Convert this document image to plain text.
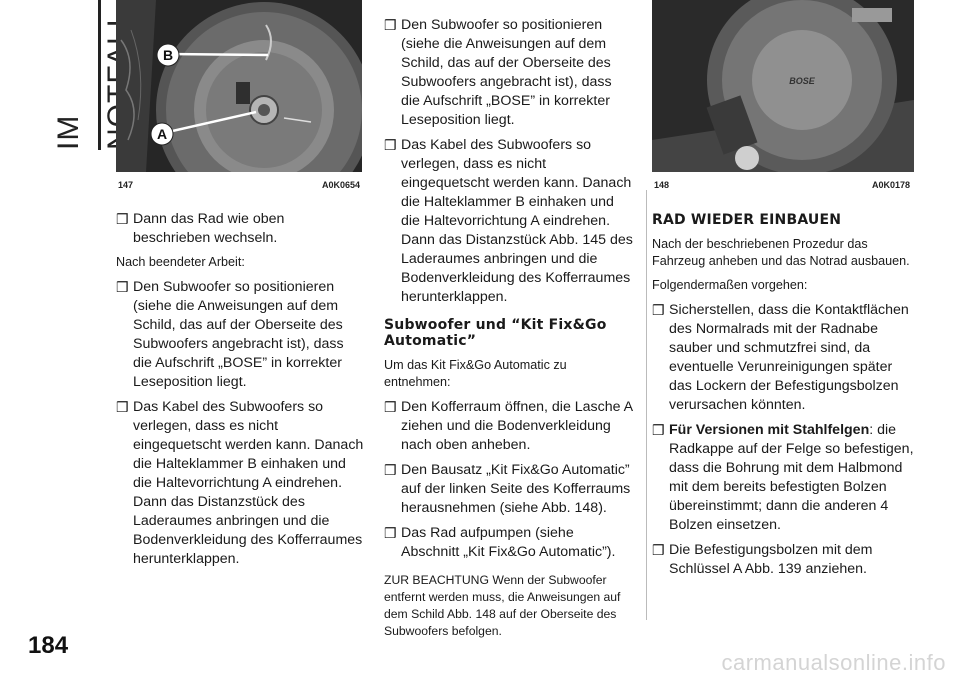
IM
B
A
147	A0K0654
❒ Dann das Rad wie oben beschrieben wechseln.
Nach beendeter Arbeit:
❒ Den Subwoofer so positionieren (siehe die Anweisungen auf dem Schild, das auf der Oberseite des Subwoofers angebracht ist), dass die Aufschrift „BOSE” in korrekter Leseposition liegt.
❒ Das Kabel des Subwoofers so verlegen, dass es nicht eingequetscht werden kann. Danach die Halteklammer B einhaken und die Haltevorrichtung A eindrehen. Dann das Distanzstück des Laderaumes anbringen und die Bodenverkleidung des Kofferraumes herunterklappen.
❒ Den Subwoofer so positionieren (siehe die Anweisungen auf dem Schild, das auf der Oberseite des Subwoofers angebracht ist), dass die Aufschrift „BOSE” in korrekter Leseposition liegt.
❒ Das Kabel des Subwoofers so verlegen, dass es nicht eingequetscht werden kann. Danach die Halteklammer B einhaken und die Haltevorrichtung A eindrehen. Dann das Distanzstück Abb. 145 des Laderaumes anbringen und die Bodenverkleidung des Kofferraumes herunterklappen.
Subwoofer und “Kit Fix&Go Automatic”
Um das Kit Fix&Go Automatic zu entnehmen:
❒ Den Kofferraum öffnen, die Lasche A ziehen und die Bodenverkleidung nach oben anheben.
❒ Den Bausatz „Kit Fix&Go Automatic” auf der linken Seite des Kofferraums herausnehmen (siehe Abb. 148).
❒ Das Rad aufpumpen (siehe Abschnitt „Kit Fix&Go Automatic”).
ZUR BEACHTUNG Wenn der Subwoofer entfernt werden muss, die Anweisungen auf dem Schild Abb. 148 auf der Oberseite des Subwoofers befolgen.
BOSE
148	A0K0178
RAD WIEDER EINBAUEN
Nach der beschriebenen Prozedur das Fahrzeug anheben und das Notrad ausbauen.
Folgendermaßen vorgehen:
❒ Sicherstellen, dass die Kontaktflächen des Normalrads mit der Radnabe sauber und schmutzfrei sind, da eventuelle Verunreinigungen später das Lockern der Befestigungsbolzen verursachen könnten.
❒ Für Versionen mit Stahlfelgen: die Radkappe auf der Felge so befestigen, dass die Bohrung mit dem Halbmond mit dem bereits befestigten Bolzen übereinstimmt; dann die anderen 4 Bolzen einsetzen.
❒ Die Befestigungsbolzen mit dem Schlüssel A Abb. 139 anziehen.
184
carmanualsonline.info
